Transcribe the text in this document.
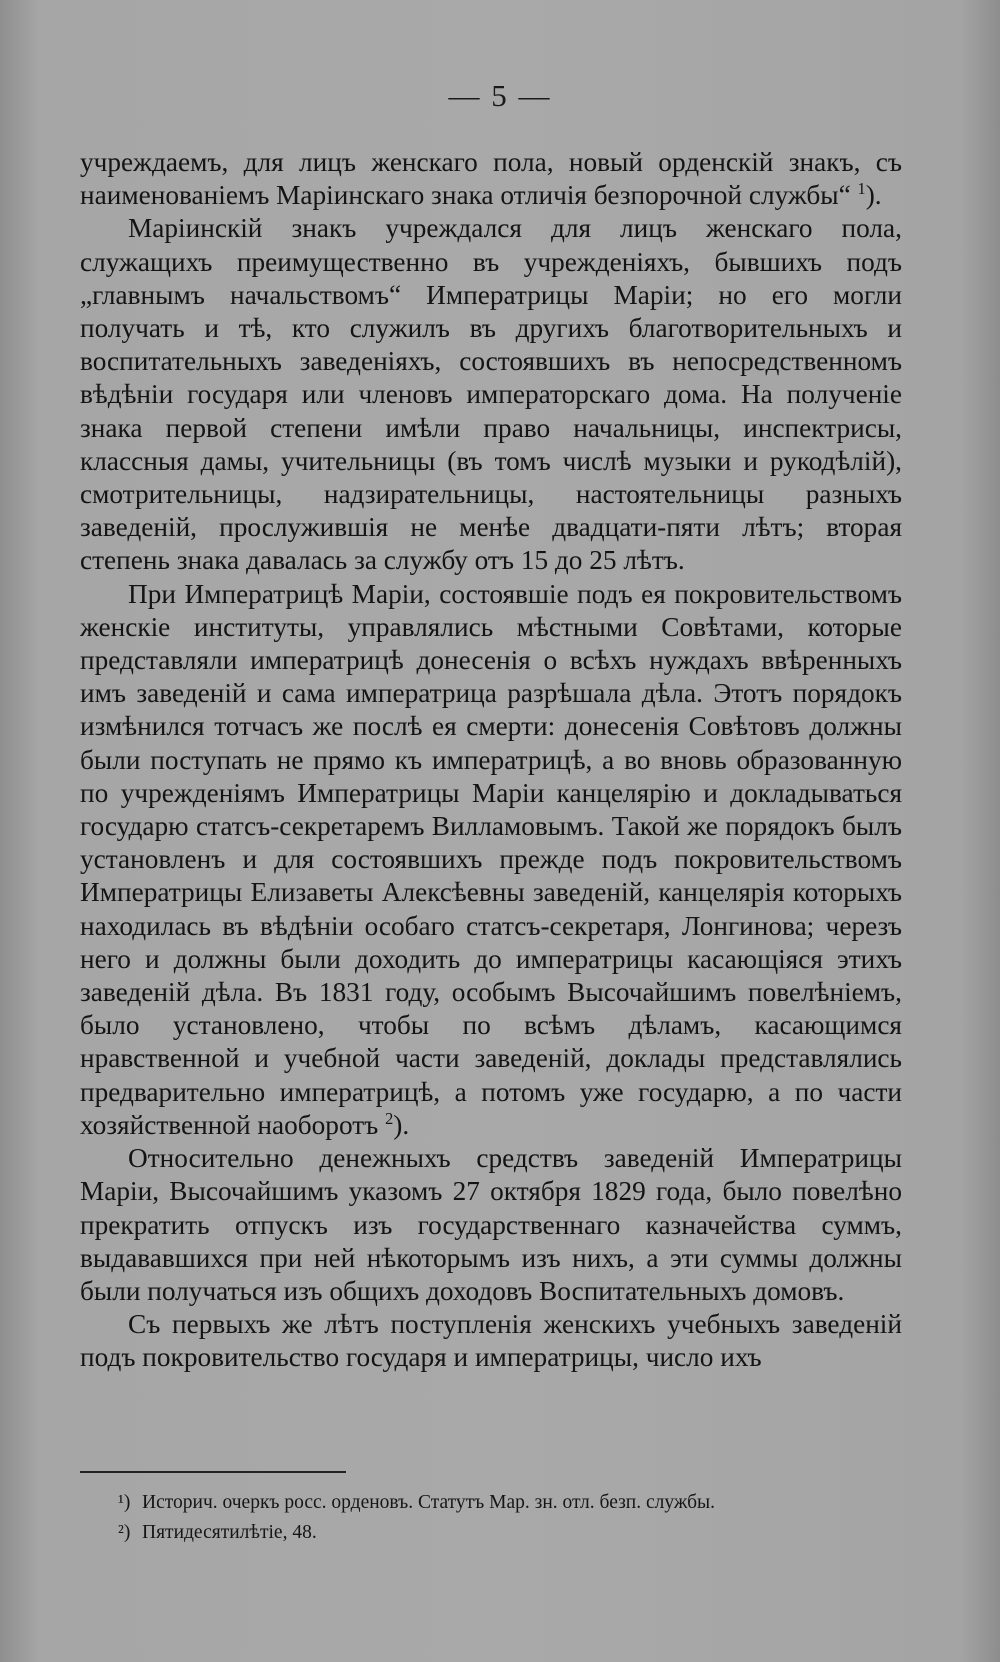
— 5 —

учреждаемъ, для лицъ женскаго пола, новый орденскій знакъ, съ наименованіемъ Маріинскаго знака отличія безпорочной службы“ $^1$).

Маріинскій знакъ учреждался для лицъ женскаго пола, служащихъ преимущественно въ учрежденіяхъ, бывшихъ подъ „главнымъ начальствомъ“ Императрицы Маріи; но его могли получать и тѣ, кто служилъ въ другихъ благотворительныхъ и воспитательныхъ заведеніяхъ, состоявшихъ въ непосредственномъ вѣдѣніи государя или членовъ императорскаго дома. На полученіе знака первой степени имѣли право начальницы, инспектрисы, классныя дамы, учительницы (въ томъ числѣ музыки и рукодѣлій), смотрительницы, надзирательницы, настоятельницы разныхъ заведеній, прослужившія не менѣе двадцати-пяти лѣтъ; вторая степень знака давалась за службу отъ 15 до 25 лѣтъ.

При Императрицѣ Маріи, состоявшіе подъ ея покровительствомъ женскіе институты, управлялись мѣстными Совѣтами, которые представляли императрицѣ донесенія о всѣхъ нуждахъ ввѣренныхъ имъ заведеній и сама императрица разрѣшала дѣла. Этотъ порядокъ измѣнился тотчасъ же послѣ ея смерти: донесенія Совѣтовъ должны были поступать не прямо къ императрицѣ, а во вновь образованную по учрежденіямъ Императрицы Маріи канцелярію и докладываться государю статсъ-секретаремъ Вилламовымъ. Такой же порядокъ былъ установленъ и для состоявшихъ прежде подъ покровительствомъ Императрицы Елизаветы Алексѣевны заведеній, канцелярія которыхъ находилась въ вѣдѣніи особаго статсъ-секретаря, Лонгинова; черезъ него и должны были доходить до императрицы касающіяся этихъ заведеній дѣла. Въ 1831 году, особымъ Высочайшимъ повелѣніемъ, было установлено, чтобы по всѣмъ дѣламъ, касающимся нравственной и учебной части заведеній, доклады представлялись предварительно императрицѣ, а потомъ уже государю, а по части хозяйственной наоборотъ $^2$).

Относительно денежныхъ средствъ заведеній Императрицы Маріи, Высочайшимъ указомъ 27 октября 1829 года, было повелѣно прекратить отпускъ изъ государственнаго казначейства суммъ, выдававшихся при ней нѣкоторымъ изъ нихъ, а эти суммы должны были получаться изъ общихъ доходовъ Воспитательныхъ домовъ.

Съ первыхъ же лѣтъ поступленія женскихъ учебныхъ заведеній подъ покровительство государя и императрицы, число ихъ

¹) Историч. очеркъ росс. орденовъ. Статутъ Мар. зн. отл. безп. службы.
²) Пятидесятилѣтіе, 48.
